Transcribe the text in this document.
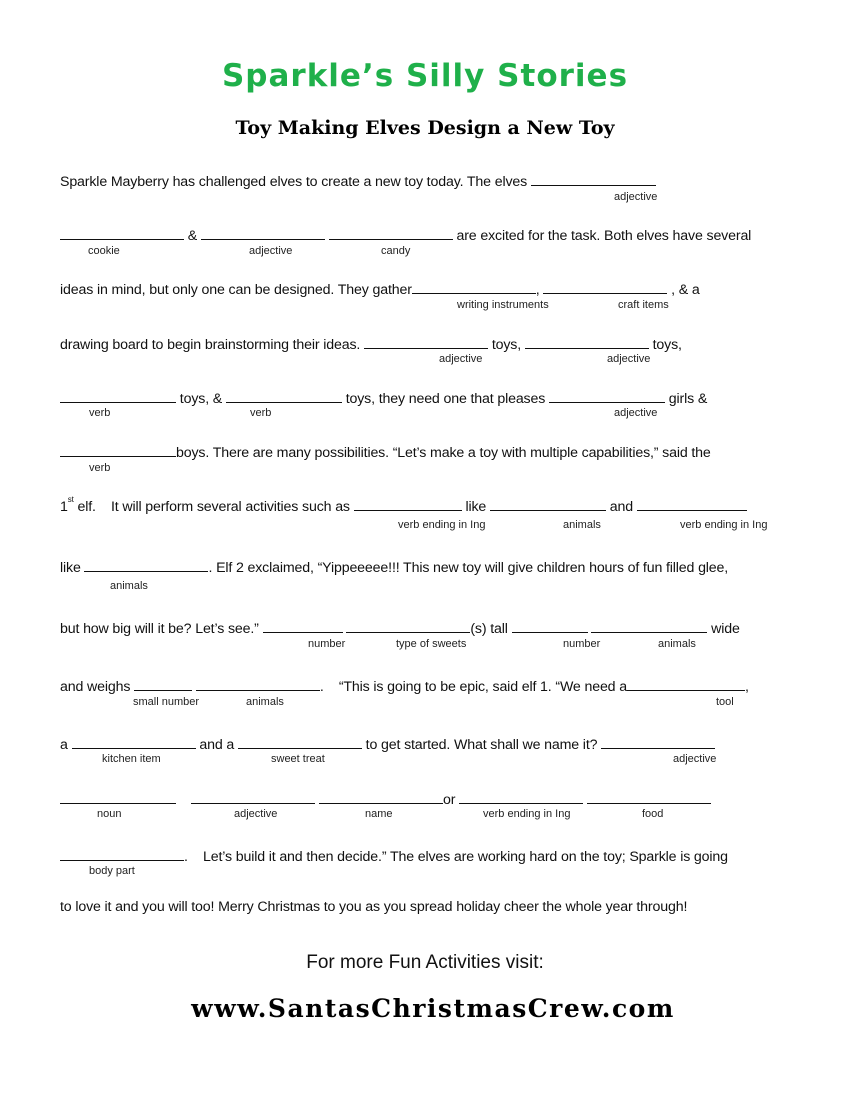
Sparkle’s Silly Stories
Toy Making Elves Design a New Toy
Sparkle Mayberry has challenged elves to create a new toy today. The elves
adjective
&	are excited for the task. Both elves have several
cookie	adjective	candy
ideas in mind, but only one can be designed. They gather	,	, & a
writing instruments	craft items
drawing board to begin brainstorming their ideas.	toys,	toys,
adjective	adjective
toys, &	toys, they need one that pleases	girls &
verb	verb	adjective
boys. There are many possibilities. “Let’s make a toy with multiple capabilities,” said the
verb
1st elf.    It will perform several activities such as	like	and
verb ending in Ing	animals	verb ending in Ing
like	. Elf 2 exclaimed, “Yippeeeee!!! This new toy will give children hours of fun filled glee,
animals
but how big will it be? Let’s see.”	(s) tall	wide
number	type of sweets	number	animals
and weighs	.    “This is going to be epic, said elf 1. “We need a	,
small number	animals	tool
a	and a	to get started. What shall we name it?
kitchen item	sweet treat	adjective
or
noun	adjective	name	verb ending in Ing	food
.    Let’s build it and then decide.” The elves are working hard on the toy; Sparkle is going
body part
to love it and you will too! Merry Christmas to you as you spread holiday cheer the whole year through!
For more Fun Activities visit:
www.SantasChristmasCrew.com
